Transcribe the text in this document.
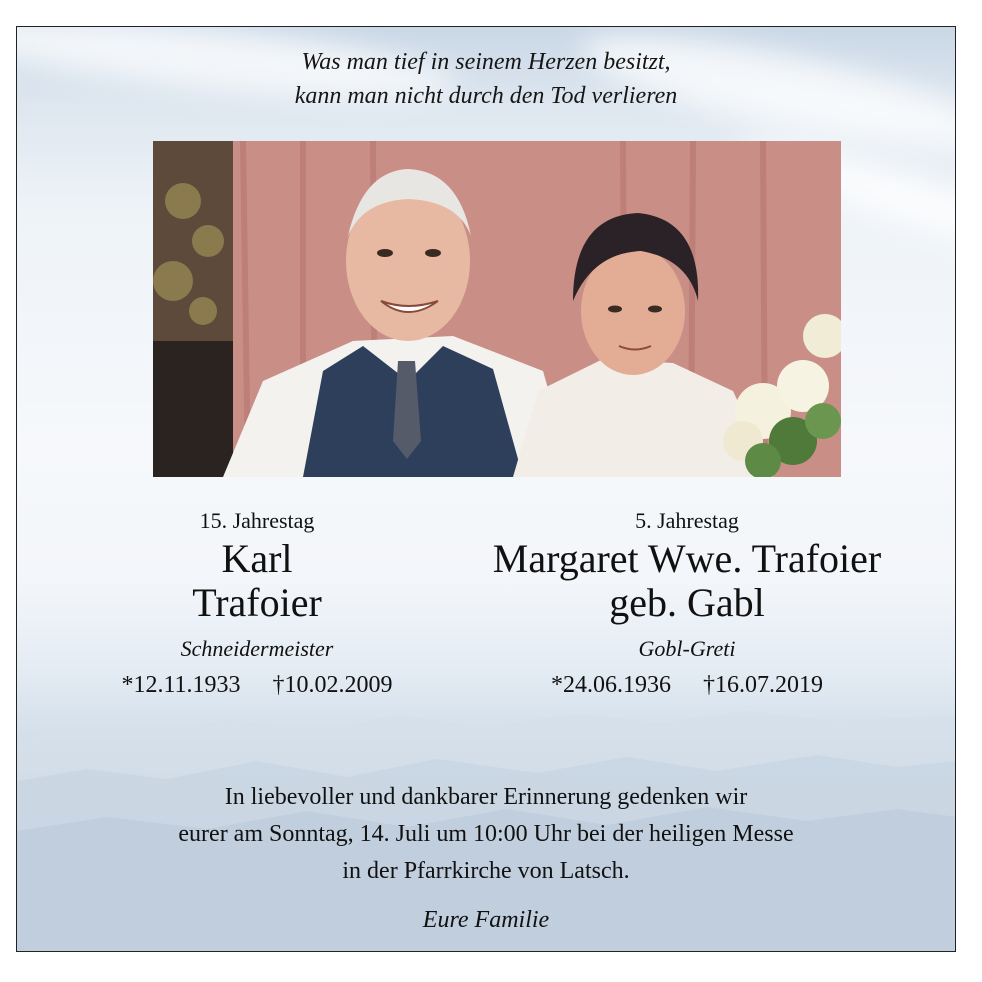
Was man tief in seinem Herzen besitzt,
kann man nicht durch den Tod verlieren
15. Jahrestag
Karl
Trafoier
Schneidermeister
*12.11.1933 †10.02.2009
5. Jahrestag
Margaret Wwe. Trafoier
geb. Gabl
Gobl-Greti
*24.06.1936 †16.07.2019
In liebevoller und dankbarer Erinnerung gedenken wir
eurer am Sonntag, 14. Juli um 10:00 Uhr bei der heiligen Messe
in der Pfarrkirche von Latsch.
Eure Familie
